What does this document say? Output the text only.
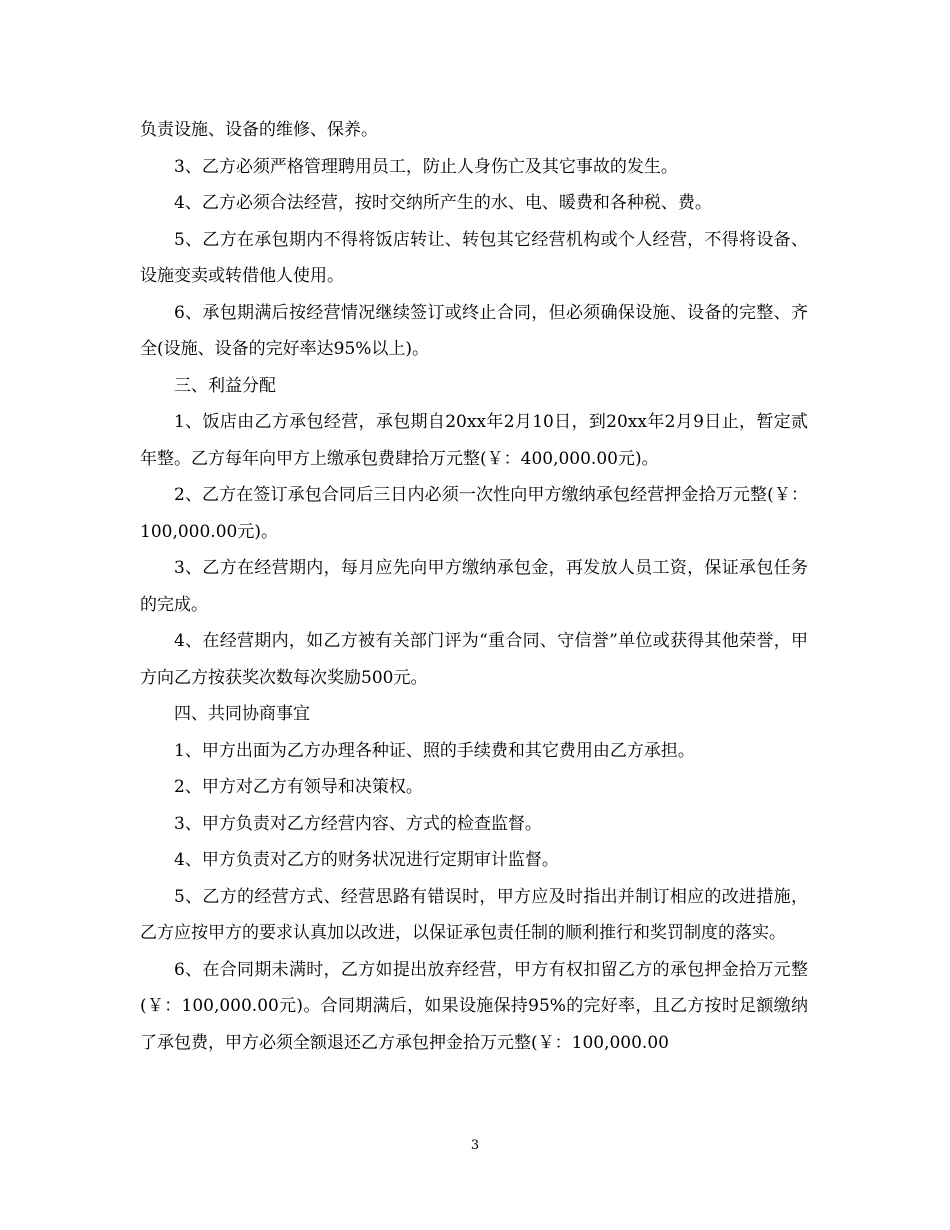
负责设施、设备的维修、保养。

3、乙方必须严格管理聘用员工，防止人身伤亡及其它事故的发生。

4、乙方必须合法经营，按时交纳所产生的水、电、暖费和各种税、费。

5、乙方在承包期内不得将饭店转让、转包其它经营机构或个人经营，不得将设备、设施变卖或转借他人使用。

6、承包期满后按经营情况继续签订或终止合同，但必须确保设施、设备的完整、齐全(设施、设备的完好率达95%以上)。

三、利益分配

1、饭店由乙方承包经营，承包期自20xx年2月10日，到20xx年2月9日止，暂定贰年整。乙方每年向甲方上缴承包费肆拾万元整(￥：400,000.00元)。

2、乙方在签订承包合同后三日内必须一次性向甲方缴纳承包经营押金拾万元整(￥：100,000.00元)。

3、乙方在经营期内，每月应先向甲方缴纳承包金，再发放人员工资，保证承包任务的完成。

4、在经营期内，如乙方被有关部门评为“重合同、守信誉”单位或获得其他荣誉，甲方向乙方按获奖次数每次奖励500元。

四、共同协商事宜

1、甲方出面为乙方办理各种证、照的手续费和其它费用由乙方承担。

2、甲方对乙方有领导和决策权。

3、甲方负责对乙方经营内容、方式的检查监督。

4、甲方负责对乙方的财务状况进行定期审计监督。

5、乙方的经营方式、经营思路有错误时，甲方应及时指出并制订相应的改进措施，乙方应按甲方的要求认真加以改进，以保证承包责任制的顺利推行和奖罚制度的落实。

6、在合同期未满时，乙方如提出放弃经营，甲方有权扣留乙方的承包押金拾万元整(￥：100,000.00元)。合同期满后，如果设施保持95%的完好率，且乙方按时足额缴纳了承包费，甲方必须全额退还乙方承包押金拾万元整(￥：100,000.00

3
